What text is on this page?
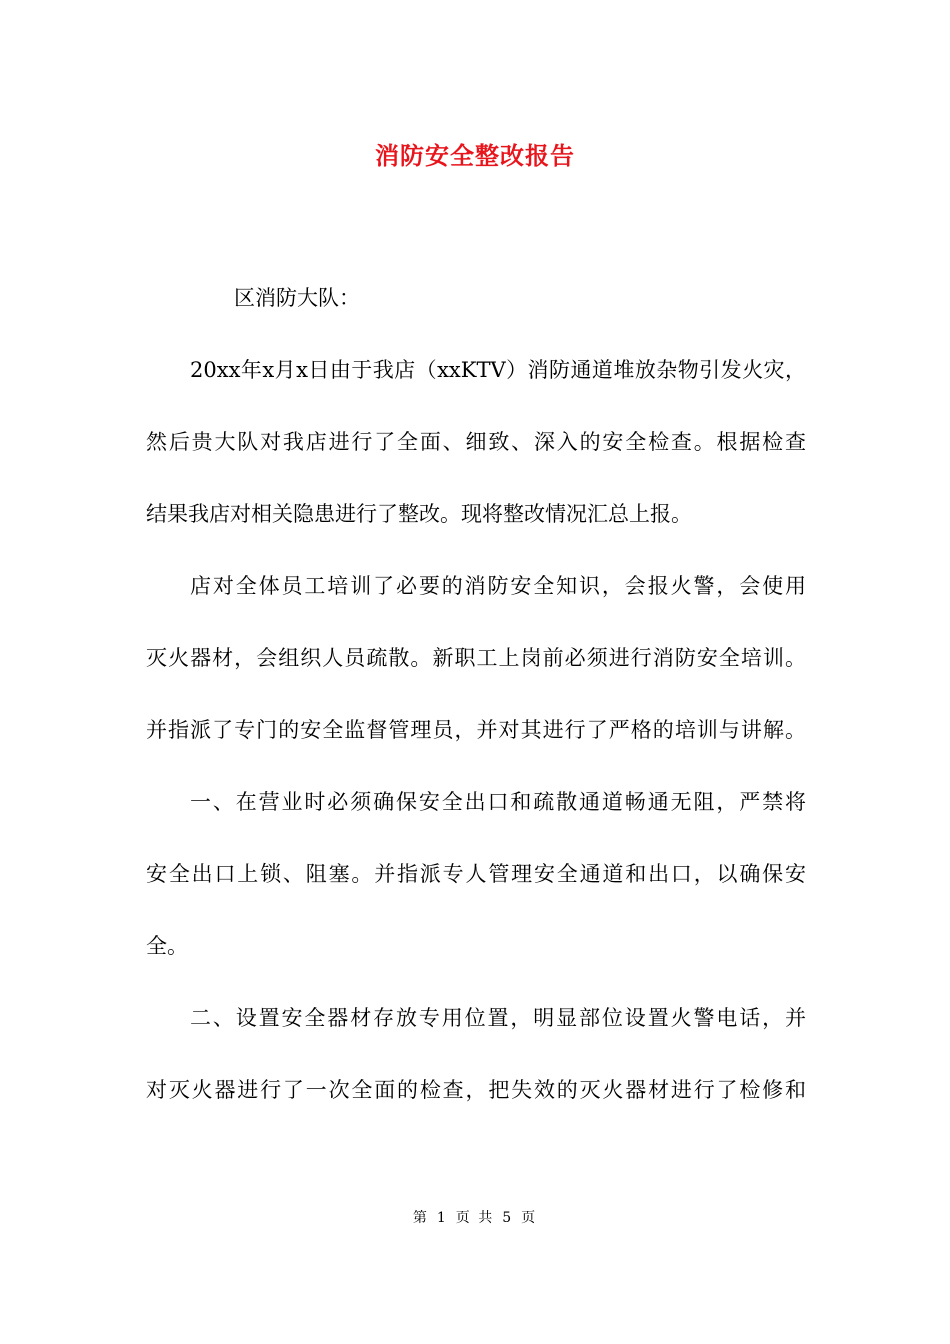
消防安全整改报告
区消防大队：
20xx年x月x日由于我店（xxKTV）消防通道堆放杂物引发火灾，
然后贵大队对我店进行了全面、细致、深入的安全检查。根据检查
结果我店对相关隐患进行了整改。现将整改情况汇总上报。
店对全体员工培训了必要的消防安全知识，会报火警，会使用
灭火器材，会组织人员疏散。新职工上岗前必须进行消防安全培训。
并指派了专门的安全监督管理员，并对其进行了严格的培训与讲解。
一、在营业时必须确保安全出口和疏散通道畅通无阻，严禁将
安全出口上锁、阻塞。并指派专人管理安全通道和出口，以确保安
全。
二、设置安全器材存放专用位置，明显部位设置火警电话，并
对灭火器进行了一次全面的检查，把失效的灭火器材进行了检修和
第 1 页 共 5 页
